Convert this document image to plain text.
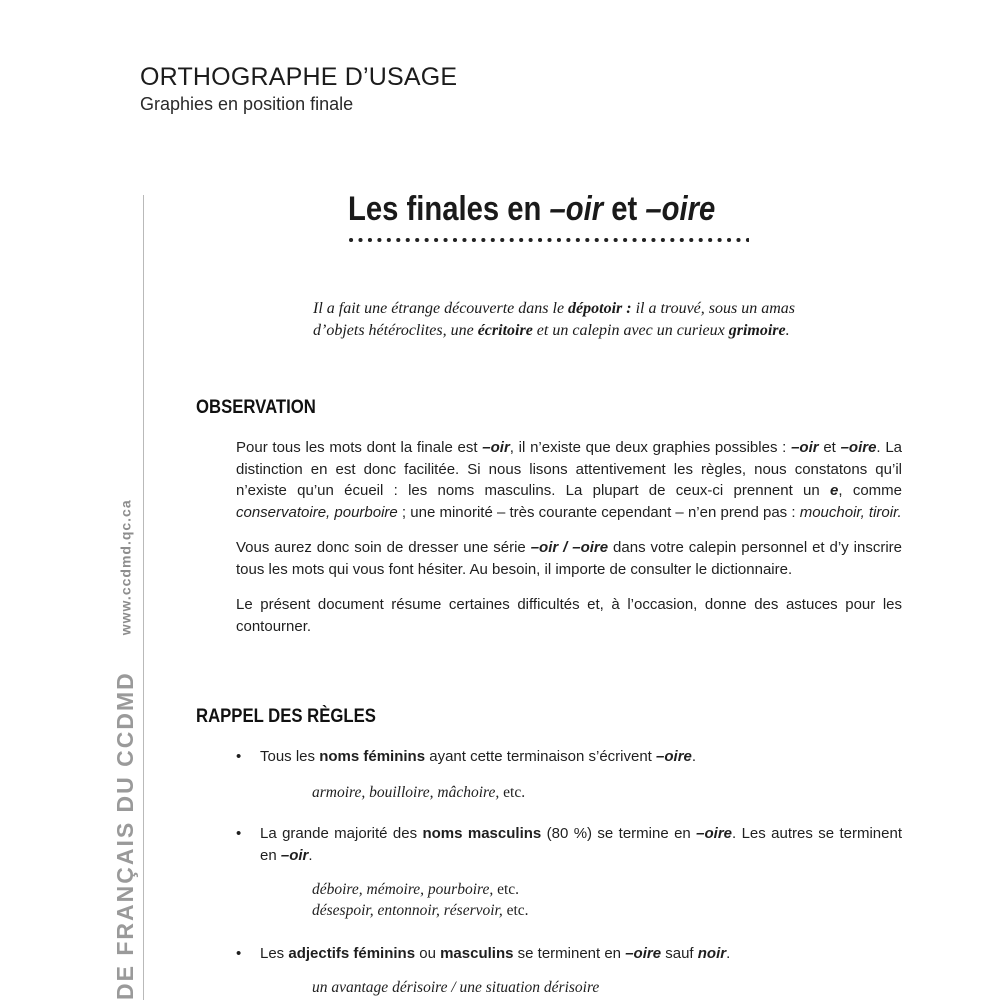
ORTHOGRAPHE D’USAGE
Graphies en position finale
DE FRANÇAIS DU CCDMDwww.ccdmd.qc.ca
Les finales en –oir et –oire
Il a fait une étrange découverte dans le dépotoir : il a trouvé, sous un amas d’objets hétéroclites, une écritoire et un calepin avec un curieux grimoire.
OBSERVATION

Pour tous les mots dont la finale est –oir, il n’existe que deux graphies possibles : –oir et –oire. La distinction en est donc facilitée. Si nous lisons attentivement les règles, nous constatons qu’il n’existe qu’un écueil : les noms masculins. La plupart de ceux-ci prennent un e, comme conservatoire, pourboire ; une minorité – très courante cependant – n’en prend pas : mouchoir, tiroir.

Vous aurez donc soin de dresser une série –oir / –oire dans votre calepin personnel et d’y inscrire tous les mots qui vous font hésiter. Au besoin, il importe de consulter le dictionnaire.

Le présent document résume certaines difficultés et, à l’occasion, donne des astuces pour les contourner.

RAPPEL DES RÈGLES
• Tous les noms féminins ayant cette terminaison s’écrivent –oire.
armoire, bouilloire, mâchoire, etc.
• La grande majorité des noms masculins (80 %) se termine en –oire. Les autres se terminent en –oir.
déboire, mémoire, pourboire, etc.
désespoir, entonnoir, réservoir, etc.
• Les adjectifs féminins ou masculins se terminent en –oire sauf noir.
un avantage dérisoire / une situation dérisoire
